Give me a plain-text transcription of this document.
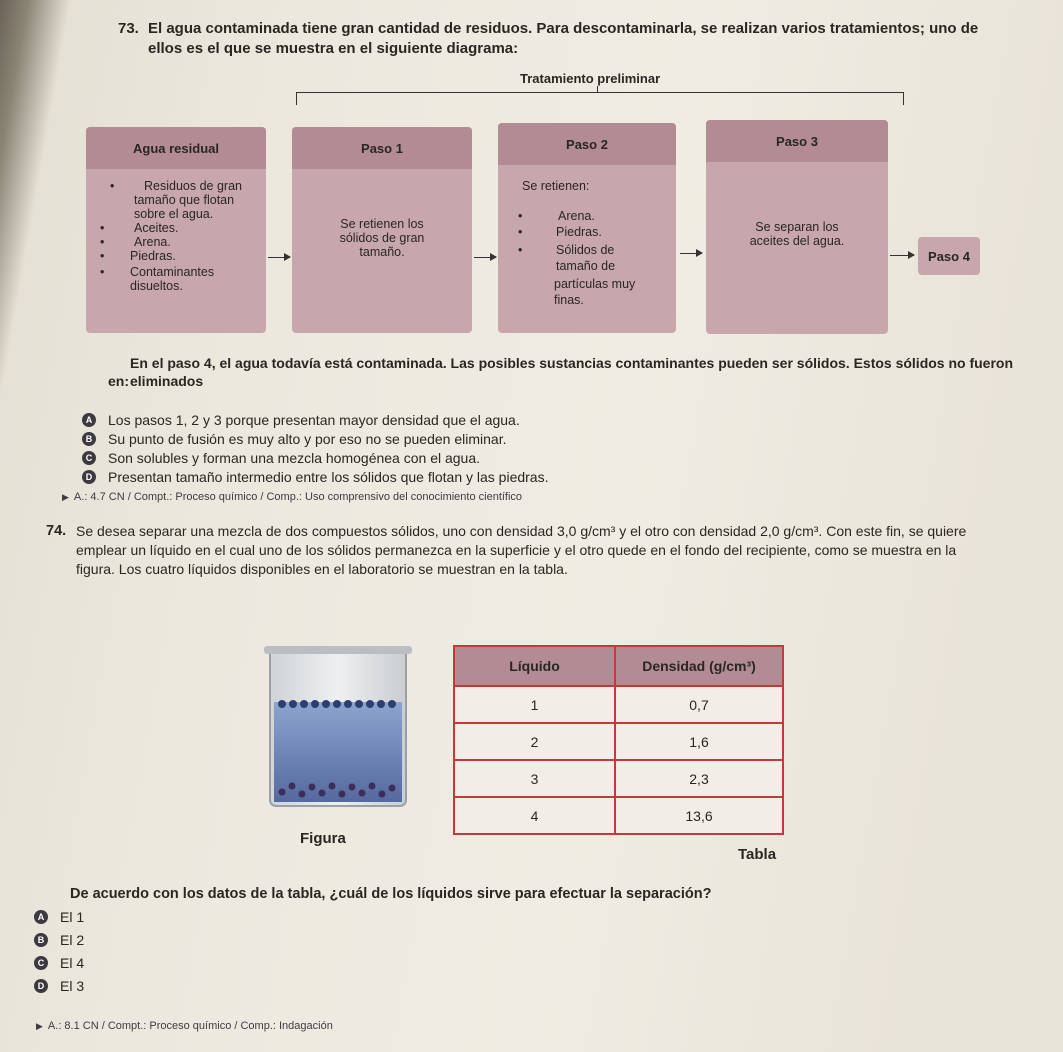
73. El agua contaminada tiene gran cantidad de residuos. Para descontaminarla, se realizan varios tratamientos; uno de
ellos es el que se muestra en el siguiente diagrama:
Tratamiento preliminar
Agua residual
• Residuos de gran
tamaño que flotan
sobre el agua.
• Aceites.
• Arena.
• Piedras.
• Contaminantes
disueltos.
Paso 1
Se retienen los
sólidos de gran
tamaño.
Paso 2
Se retienen:
•	Arena.
•	Piedras.
•	Sólidos de
tamaño de
partículas muy
finas.
Paso 3
Se separan los
aceites del agua.
Paso 4
En el paso 4, el agua todavía está contaminada. Las posibles sustancias contaminantes pueden ser sólidos. Estos sólidos no fueron eliminados
en:
A Los pasos 1, 2 y 3 porque presentan mayor densidad que el agua.
B Su punto de fusión es muy alto y por eso no se pueden eliminar.
C Son solubles y forman una mezcla homogénea con el agua.
D Presentan tamaño intermedio entre los sólidos que flotan y las piedras.
▶ A.: 4.7 CN / Compt.: Proceso químico / Comp.: Uso comprensivo del conocimiento científico
74. Se desea separar una mezcla de dos compuestos sólidos, uno con densidad 3,0 g/cm³ y el otro con densidad 2,0 g/cm³. Con este fin, se quiere
emplear un líquido en el cual uno de los sólidos permanezca en la superficie y el otro quede en el fondo del recipiente, como se muestra en la
figura. Los cuatro líquidos disponibles en el laboratorio se muestran en la tabla.
Figura
Líquido	Densidad (g/cm³)
1	0,7
2	1,6
3	2,3
4	13,6
Tabla
De acuerdo con los datos de la tabla, ¿cuál de los líquidos sirve para efectuar la separación?
A El 1
B El 2
C El 4
D El 3
▶ A.: 8.1 CN / Compt.: Proceso químico / Comp.: Indagación
